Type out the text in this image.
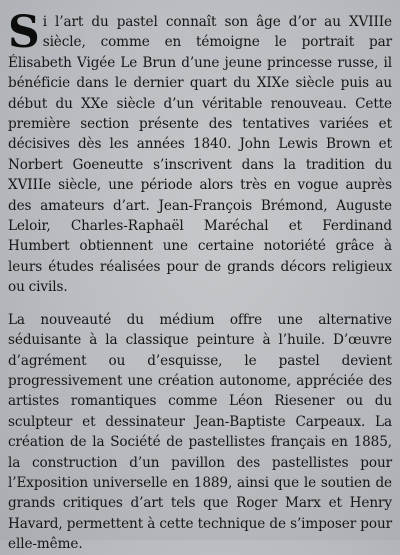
S i l’art du pastel connaît son âge d’or au XVIIIe siècle, comme en témoigne le portrait par Élisabeth Vigée Le Brun d’une jeune princesse russe, il bénéficie dans le dernier quart du XIXe siècle puis au début du XXe siècle d’un véritable renouveau. Cette première section présente des tentatives variées et décisives dès les années 1840. John Lewis Brown et Norbert Goeneutte s’inscrivent dans la tradition du XVIIIe siècle, une période alors très en vogue auprès des amateurs d’art. Jean-François Brémond, Auguste Leloir, Charles-Raphaël Maréchal et Ferdinand Humbert obtiennent une certaine notoriété grâce à leurs études réalisées pour de grands décors religieux ou civils.

La nouveauté du médium offre une alternative séduisante à la classique peinture à l’huile. D’œuvre d’agrément ou d’esquisse, le pastel devient progressivement une création autonome, appréciée des artistes romantiques comme Léon Riesener ou du sculpteur et dessinateur Jean-Baptiste Carpeaux. La création de la Société de pastellistes français en 1885, la construction d’un pavillon des pastellistes pour l’Exposition universelle en 1889, ainsi que le soutien de grands critiques d’art tels que Roger Marx et Henry Havard, permettent à cette technique de s’imposer pour elle-même.
